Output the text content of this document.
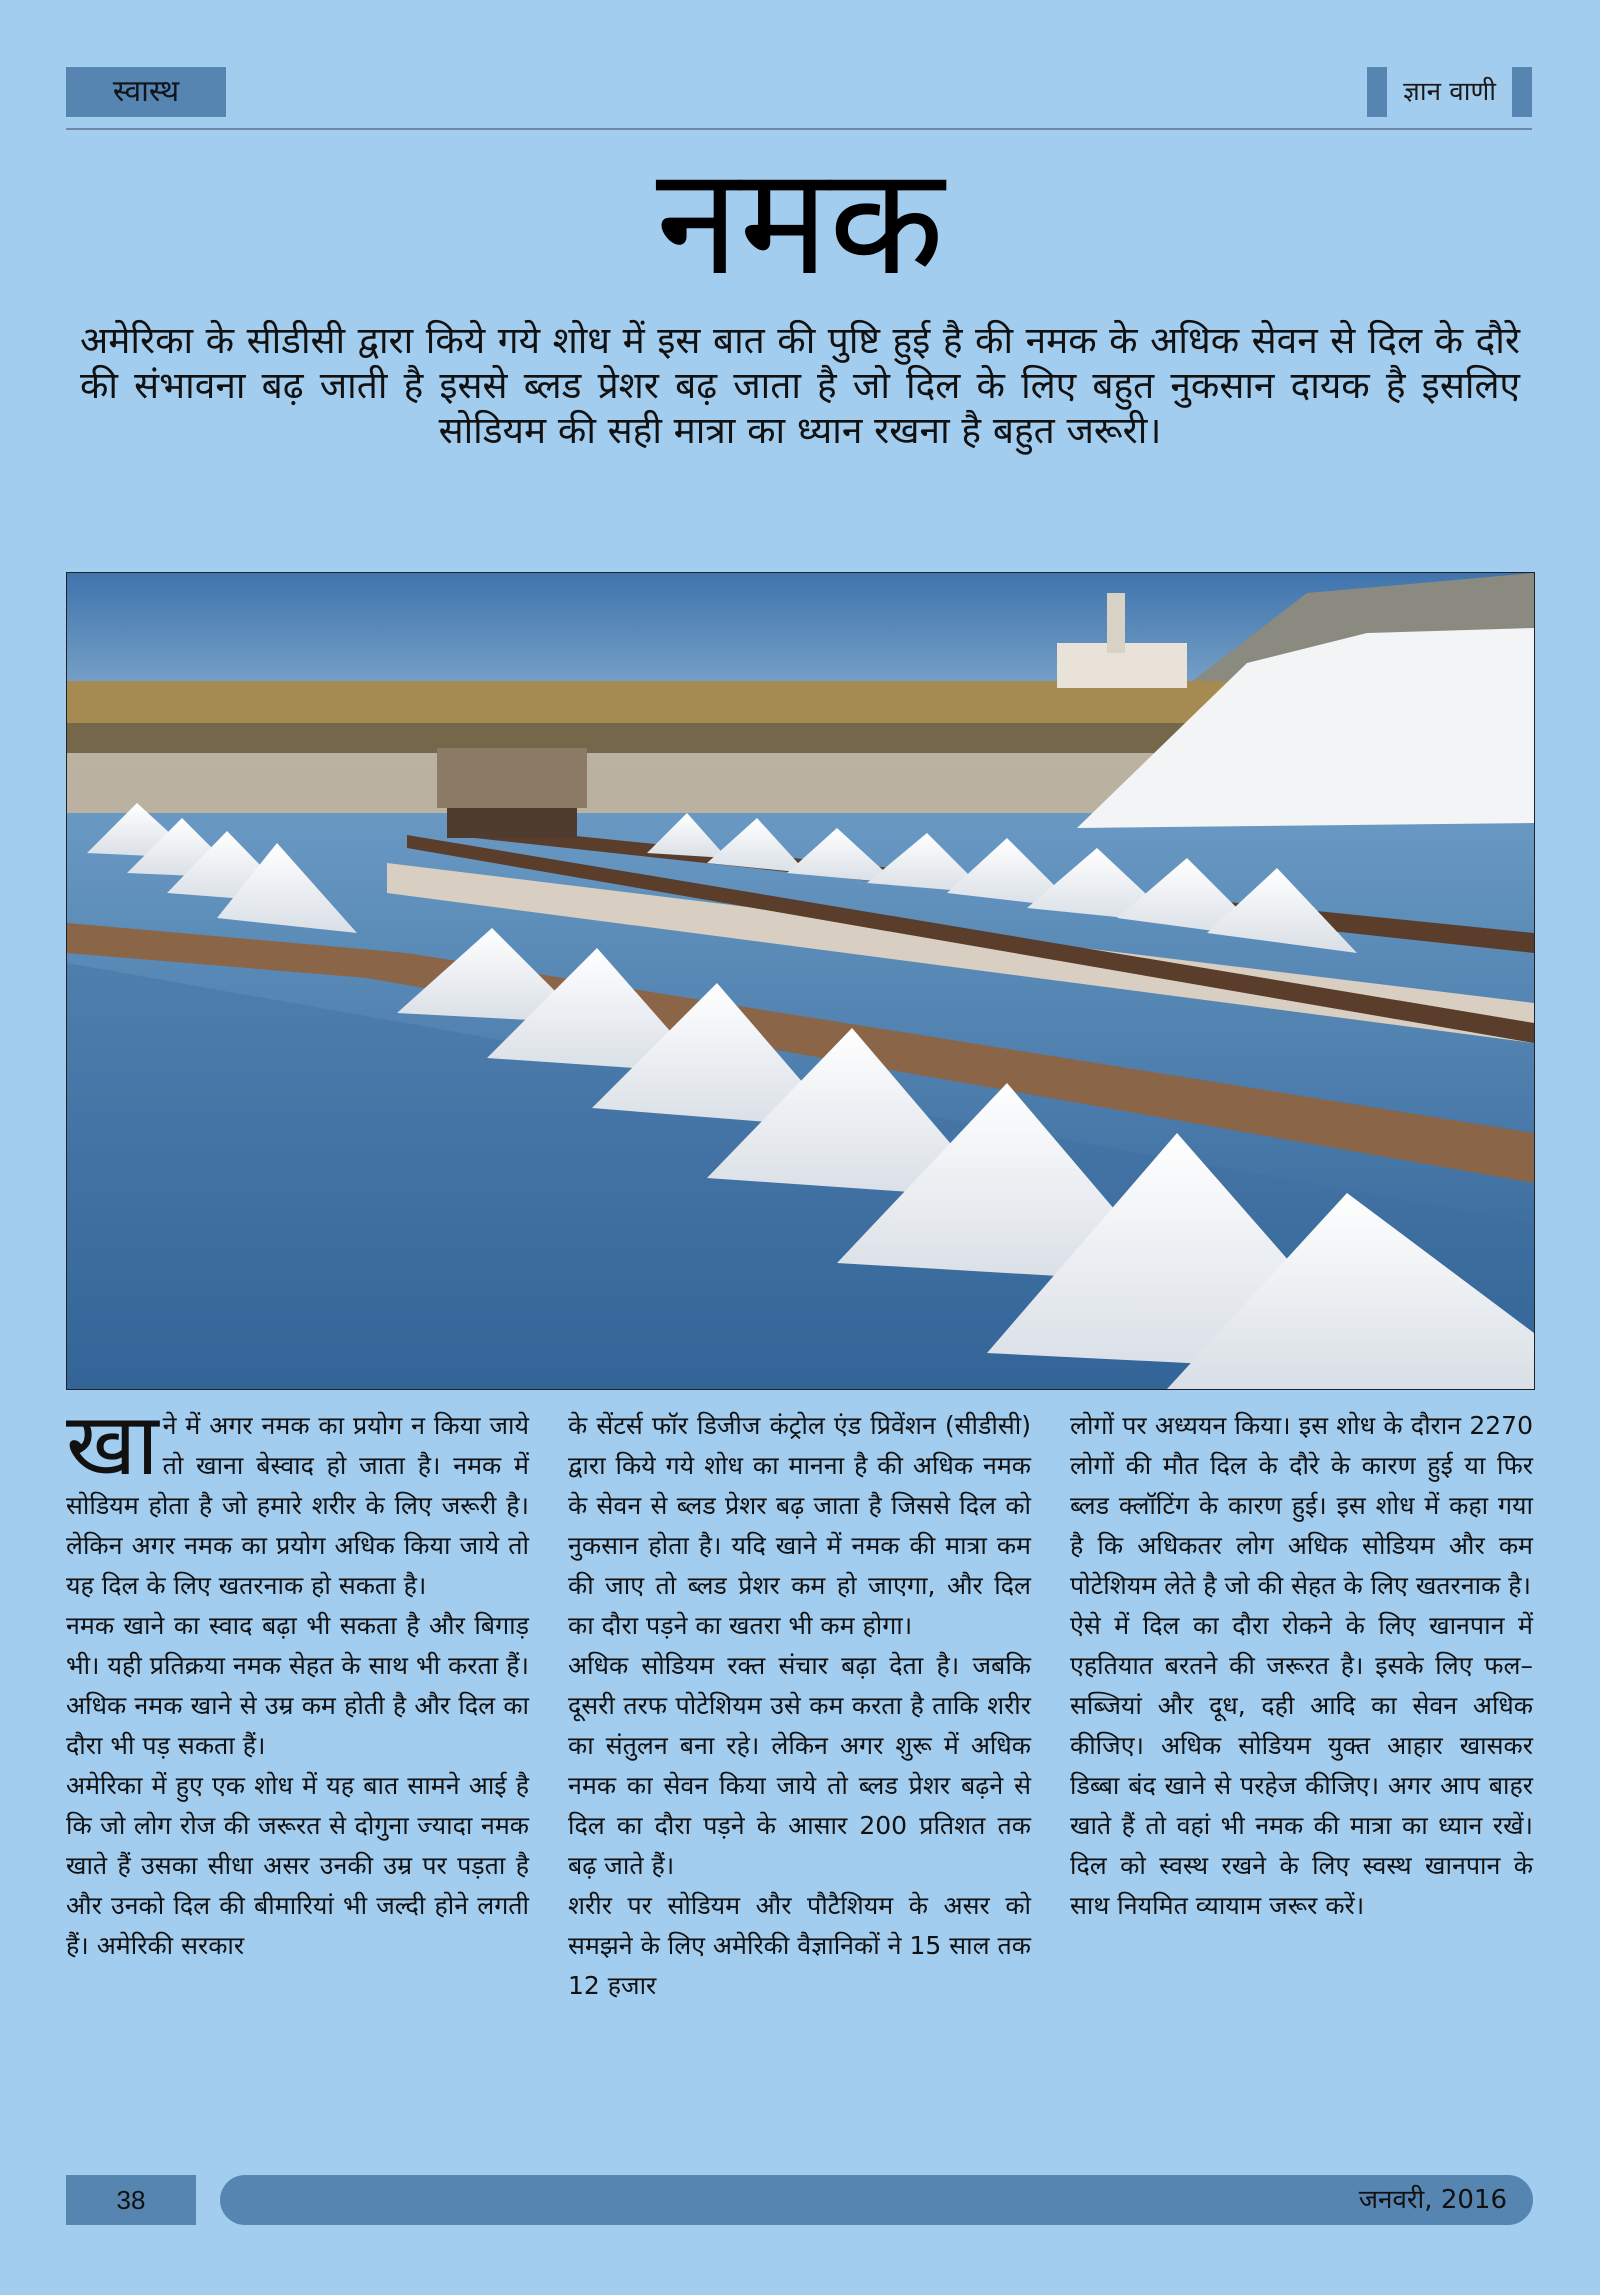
स्वास्थ	ज्ञान वाणी
नमक
अमेरिका के सीडीसी द्वारा किये गये शोध में इस बात की पुष्टि हुई है की नमक के अधिक सेवन से दिल के दौरे की संभावना बढ़ जाती है इससे ब्लड प्रेशर बढ़ जाता है जो दिल के लिए बहुत नुकसान दायक है इसलिए सोडियम की सही मात्रा का ध्यान रखना है बहुत जरूरी।

खाने में अगर नमक का प्रयोग न किया जाये तो खाना बेस्वाद हो जाता है। नमक में सोडियम होता है जो हमारे शरीर के लिए जरूरी है। लेकिन अगर नमक का प्रयोग अधिक किया जाये तो यह दिल के लिए खतरनाक हो सकता है।

नमक खाने का स्वाद बढ़ा भी सकता है और बिगाड़ भी। यही प्रतिक्रया नमक सेहत के साथ भी करता हैं। अधिक नमक खाने से उम्र कम होती है और दिल का दौरा भी पड़ सकता हैं।

अमेरिका में हुए एक शोध में यह बात सामने आई है कि जो लोग रोज की जरूरत से दोगुना ज्यादा नमक खाते हैं उसका सीधा असर उनकी उम्र पर पड़ता है और उनको दिल की बीमारियां भी जल्दी होने लगती हैं। अमेरिकी सरकार

के सेंटर्स फॉर डिजीज कंट्रोल एंड प्रिवेंशन (सीडीसी) द्वारा किये गये शोध का मानना है की अधिक नमक के सेवन से ब्लड प्रेशर बढ़ जाता है जिससे दिल को नुकसान होता है। यदि खाने में नमक की मात्रा कम की जाए तो ब्लड प्रेशर कम हो जाएगा, और दिल का दौरा पड़ने का खतरा भी कम होगा।

अधिक सोडियम रक्त संचार बढ़ा देता है। जबकि दूसरी तरफ पोटेशियम उसे कम करता है ताकि शरीर का संतुलन बना रहे। लेकिन अगर शुरू में अधिक नमक का सेवन किया जाये तो ब्लड प्रेशर बढ़ने से दिल का दौरा पड़ने के आसार 200 प्रतिशत तक बढ़ जाते हैं।

शरीर पर सोडियम और पौटैशियम के असर को समझने के लिए अमेरिकी वैज्ञानिकों ने 15 साल तक 12 हजार

लोगों पर अध्ययन किया। इस शोध के दौरान 2270 लोगों की मौत दिल के दौरे के कारण हुई या फिर ब्लड क्लॉटिंग के कारण हुई। इस शोध में कहा गया है कि अधिकतर लोग अधिक सोडियम और कम पोटेशियम लेते है जो की सेहत के लिए खतरनाक है।

ऐसे में दिल का दौरा रोकने के लिए खानपान में एहतियात बरतने की जरूरत है। इसके लिए फल–सब्जियां और दूध, दही आदि का सेवन अधिक कीजिए। अधिक सोडियम युक्त आहार खासकर डिब्बा बंद खाने से परहेज कीजिए। अगर आप बाहर खाते हैं तो वहां भी नमक की मात्रा का ध्यान रखें। दिल को स्वस्थ रखने के लिए स्वस्थ खानपान के साथ नियमित व्यायाम जरूर करें।

38	जनवरी, 2016
